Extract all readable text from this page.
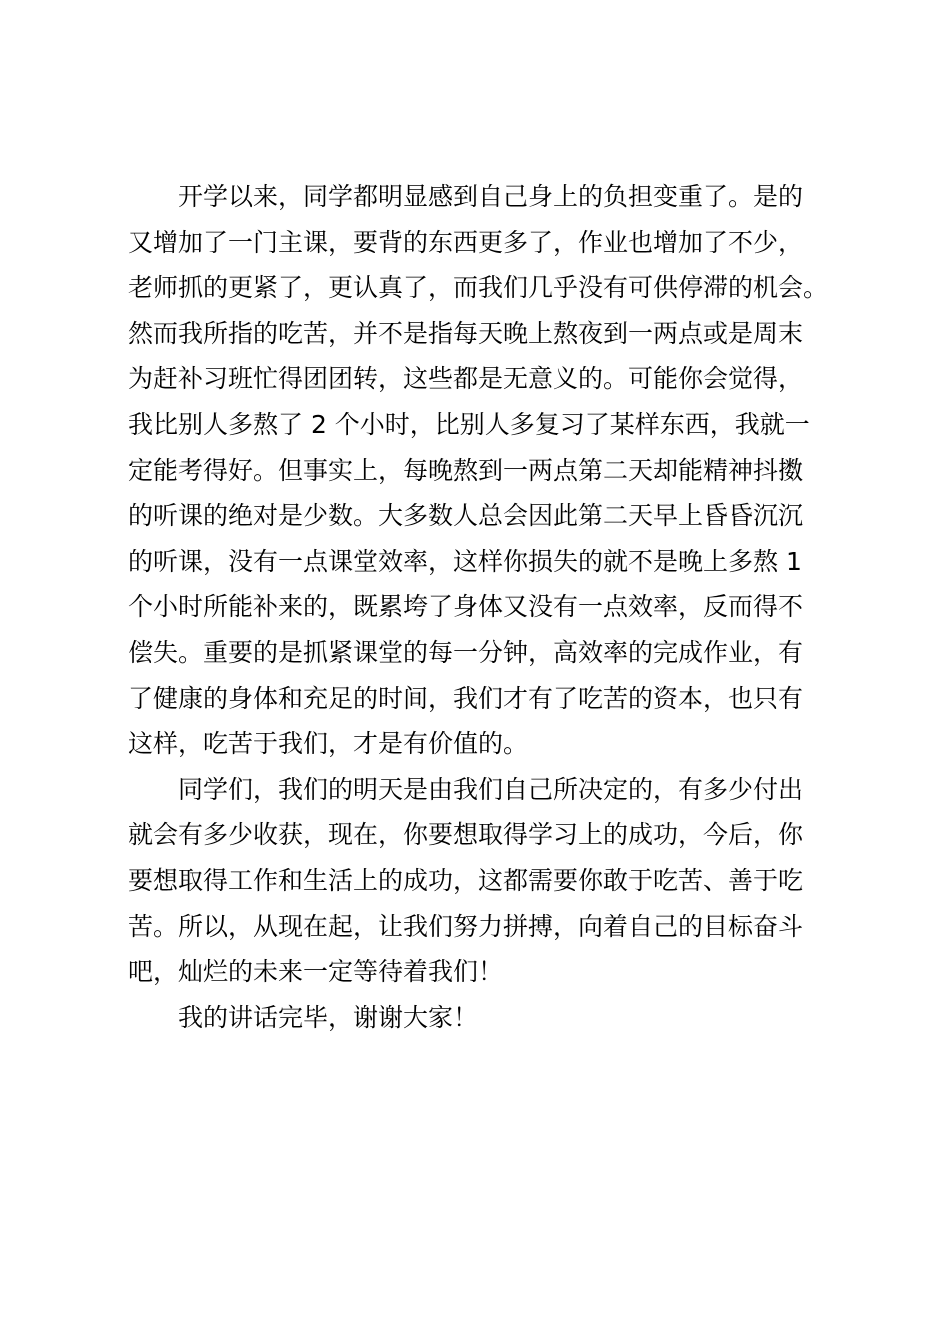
开学以来，同学都明显感到自己身上的负担变重了。是的
又增加了一门主课，要背的东西更多了，作业也增加了不少，
老师抓的更紧了，更认真了，而我们几乎没有可供停滞的机会。
然而我所指的吃苦，并不是指每天晚上熬夜到一两点或是周末
为赶补习班忙得团团转，这些都是无意义的。可能你会觉得，
我比别人多熬了 2 个小时，比别人多复习了某样东西，我就一
定能考得好。但事实上，每晚熬到一两点第二天却能精神抖擞
的听课的绝对是少数。大多数人总会因此第二天早上昏昏沉沉
的听课，没有一点课堂效率，这样你损失的就不是晚上多熬 1
个小时所能补来的，既累垮了身体又没有一点效率，反而得不
偿失。重要的是抓紧课堂的每一分钟，高效率的完成作业，有
了健康的身体和充足的时间，我们才有了吃苦的资本，也只有
这样，吃苦于我们，才是有价值的。
同学们，我们的明天是由我们自己所决定的，有多少付出
就会有多少收获，现在，你要想取得学习上的成功，今后，你
要想取得工作和生活上的成功，这都需要你敢于吃苦、善于吃
苦。所以，从现在起，让我们努力拼搏，向着自己的目标奋斗
吧，灿烂的未来一定等待着我们！
我的讲话完毕，谢谢大家！
